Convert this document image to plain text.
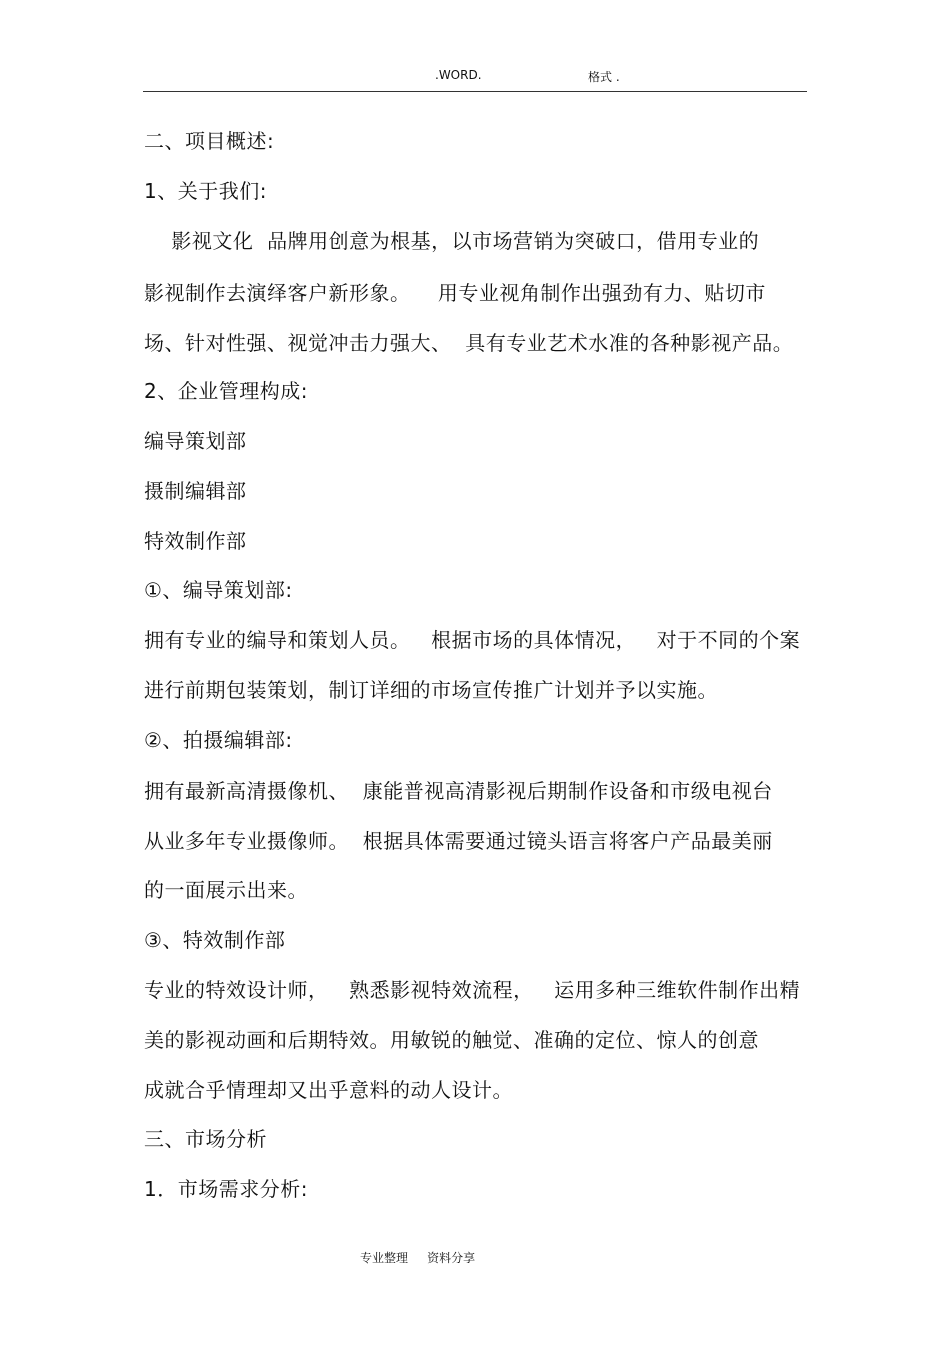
.WORD.	格式 .
二、项目概述:
1、关于我们:
影视文化  品牌用创意为根基，以市场营销为突破口，借用专业的
影视制作去演绎客户新形象。    用专业视角制作出强劲有力、贴切市
场、针对性强、视觉冲击力强大、  具有专业艺术水准的各种影视产品。
2、企业管理构成:
编导策划部
摄制编辑部
特效制作部
①、编导策划部:
拥有专业的编导和策划人员。   根据市场的具体情况，   对于不同的个案
进行前期包装策划，制订详细的市场宣传推广计划并予以实施。
②、拍摄编辑部:
拥有最新高清摄像机、  康能普视高清影视后期制作设备和市级电视台
从业多年专业摄像师。  根据具体需要通过镜头语言将客户产品最美丽
的一面展示出来。
③、特效制作部
专业的特效设计师，   熟悉影视特效流程，   运用多种三维软件制作出精
美的影视动画和后期特效。用敏锐的触觉、准确的定位、惊人的创意
成就合乎情理却又出乎意料的动人设计。
三、市场分析
1．市场需求分析:
专业整理     资料分享
